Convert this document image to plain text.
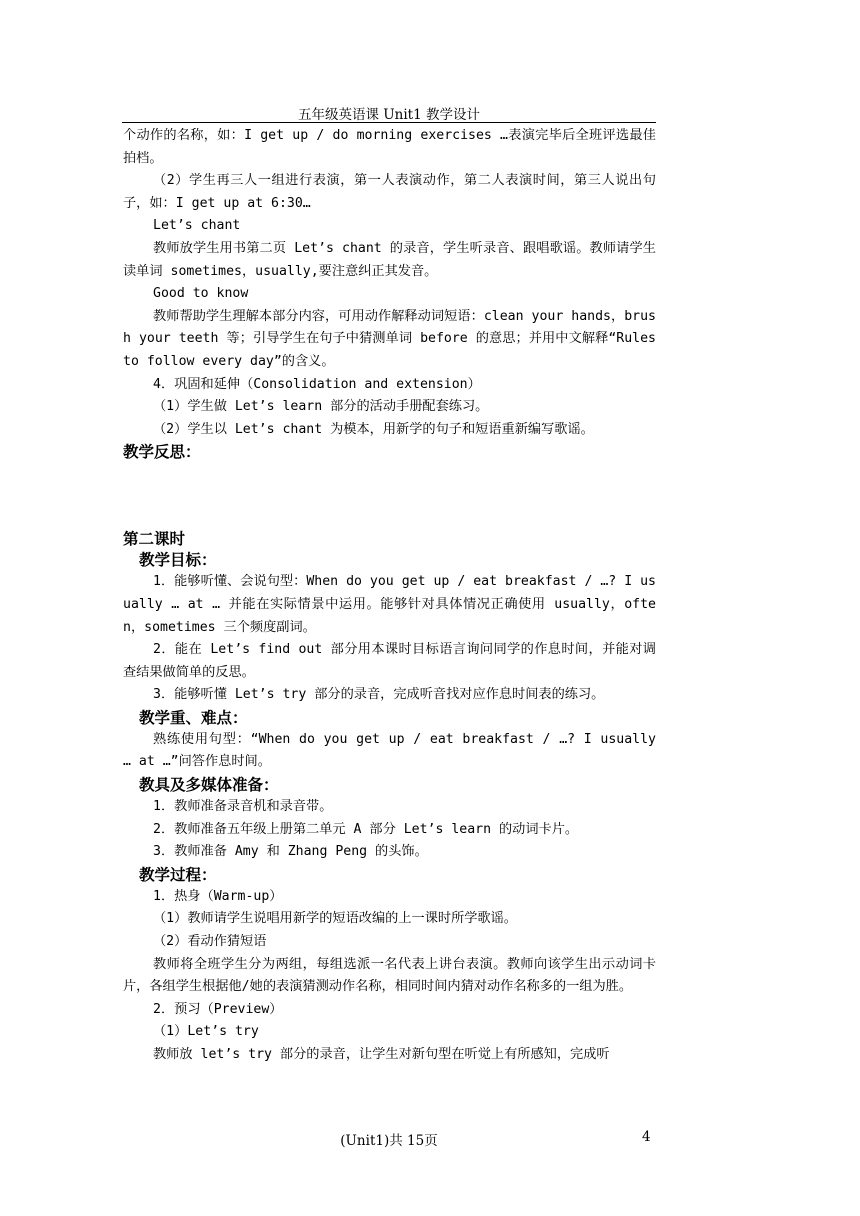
五年级英语课 Unit1 教学设计

个动作的名称，如：I get up / do morning exercises …表演完毕后全班评选最佳拍档。

（2）学生再三人一组进行表演，第一人表演动作，第二人表演时间，第三人说出句子，如：I get up at 6:30…

Let’s chant

教师放学生用书第二页 Let’s chant 的录音，学生听录音、跟唱歌谣。教师请学生读单词 sometimes，usually,要注意纠正其发音。

Good to know

教师帮助学生理解本部分内容，可用动作解释动词短语：clean your hands，brush your teeth 等；引导学生在句子中猜测单词 before 的意思；并用中文解释“Rules to follow every day”的含义。

4．巩固和延伸（Consolidation and extension）

（1）学生做 Let’s learn 部分的活动手册配套练习。

（2）学生以 Let’s chant 为模本，用新学的句子和短语重新编写歌谣。

教学反思：

第二课时

教学目标：

1．能够听懂、会说句型：When do you get up / eat breakfast / …? I usually … at … 并能在实际情景中运用。能够针对具体情况正确使用 usually，often，sometimes 三个频度副词。

2．能在 Let’s find out 部分用本课时目标语言询问同学的作息时间，并能对调查结果做简单的反思。

3．能够听懂 Let’s try 部分的录音，完成听音找对应作息时间表的练习。

教学重、难点：

熟练使用句型：“When do you get up / eat breakfast / …? I usually … at …”问答作息时间。

教具及多媒体准备：

1．教师准备录音机和录音带。

2．教师准备五年级上册第二单元 A 部分 Let’s learn 的动词卡片。

3．教师准备 Amy 和 Zhang Peng 的头饰。

教学过程：

1．热身（Warm-up）

（1）教师请学生说唱用新学的短语改编的上一课时所学歌谣。

（2）看动作猜短语

教师将全班学生分为两组，每组选派一名代表上讲台表演。教师向该学生出示动词卡片，各组学生根据他/她的表演猜测动作名称，相同时间内猜对动作名称多的一组为胜。

2．预习（Preview）

（1）Let’s try

教师放 let’s try 部分的录音，让学生对新句型在听觉上有所感知，完成听

(Unit1)共 15页	4
